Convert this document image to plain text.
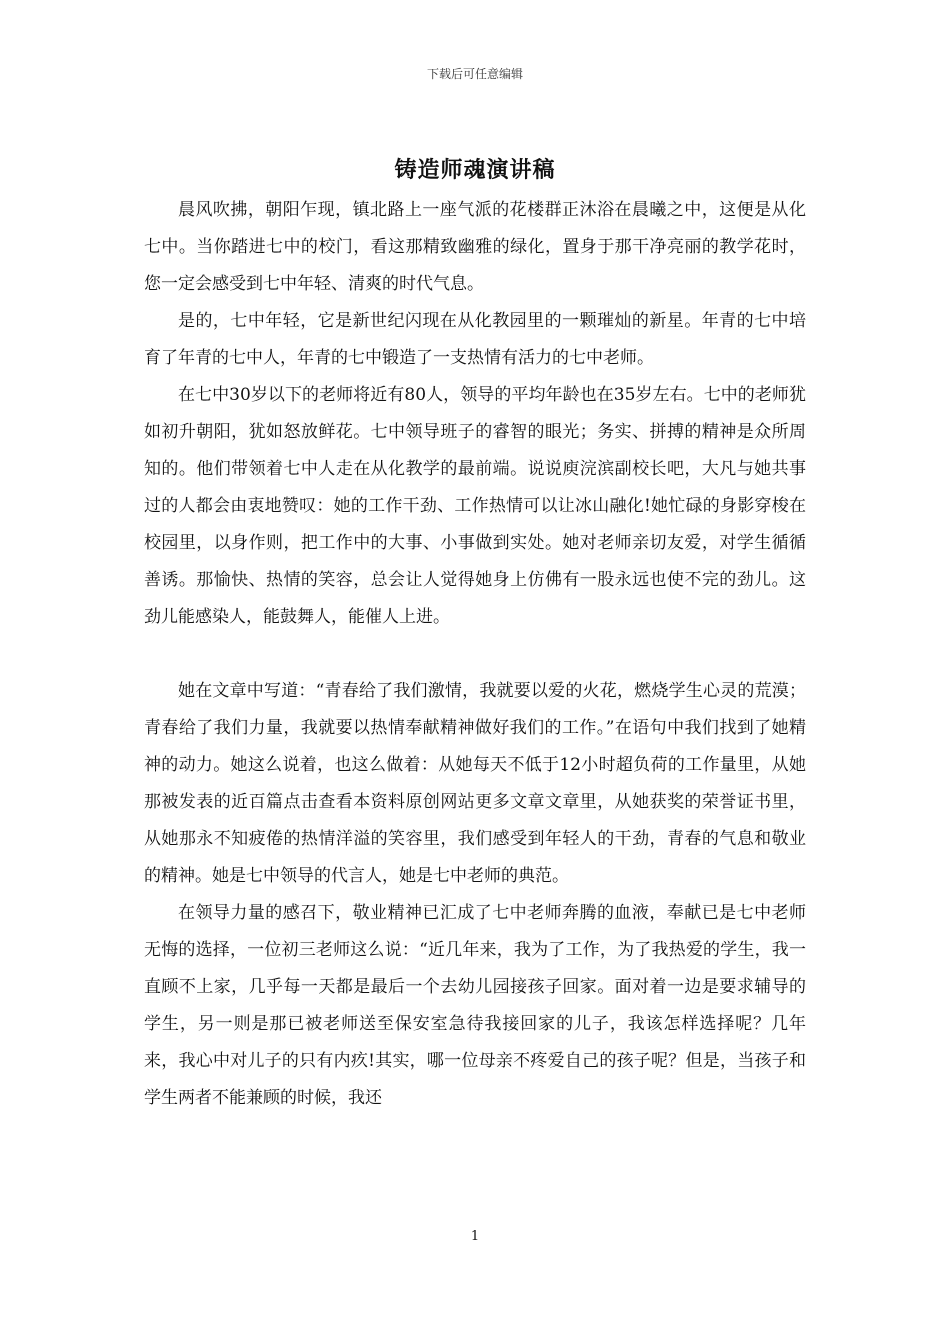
下载后可任意编辑
铸造师魂演讲稿

晨风吹拂，朝阳乍现，镇北路上一座气派的花楼群正沐浴在晨曦之中，这便是从化七中。当你踏进七中的校门，看这那精致幽雅的绿化，置身于那干净亮丽的教学花时，您一定会感受到七中年轻、清爽的时代气息。

是的，七中年轻，它是新世纪闪现在从化教园里的一颗璀灿的新星。年青的七中培育了年青的七中人，年青的七中锻造了一支热情有活力的七中老师。

在七中30岁以下的老师将近有80人，领导的平均年龄也在35岁左右。七中的老师犹如初升朝阳，犹如怒放鲜花。七中领导班子的睿智的眼光；务实、拼搏的精神是众所周知的。他们带领着七中人走在从化教学的最前端。说说庾浣滨副校长吧，大凡与她共事过的人都会由衷地赞叹：她的工作干劲、工作热情可以让冰山融化!她忙碌的身影穿梭在校园里，以身作则，把工作中的大事、小事做到实处。她对老师亲切友爱，对学生循循善诱。那愉快、热情的笑容，总会让人觉得她身上仿佛有一股永远也使不完的劲儿。这劲儿能感染人，能鼓舞人，能催人上进。

她在文章中写道：“青春给了我们激情，我就要以爱的火花，燃烧学生心灵的荒漠；青春给了我们力量，我就要以热情奉献精神做好我们的工作。”在语句中我们找到了她精神的动力。她这么说着，也这么做着：从她每天不低于12小时超负荷的工作量里，从她那被发表的近百篇点击查看本资料原创网站更多文章文章里，从她获奖的荣誉证书里，从她那永不知疲倦的热情洋溢的笑容里，我们感受到年轻人的干劲，青春的气息和敬业的精神。她是七中领导的代言人，她是七中老师的典范。

在领导力量的感召下，敬业精神已汇成了七中老师奔腾的血液，奉献已是七中老师无悔的选择，一位初三老师这么说：“近几年来，我为了工作，为了我热爱的学生，我一直顾不上家，几乎每一天都是最后一个去幼儿园接孩子回家。面对着一边是要求辅导的学生，另一则是那已被老师送至保安室急待我接回家的儿子，我该怎样选择呢？几年来，我心中对儿子的只有内疚!其实，哪一位母亲不疼爱自己的孩子呢？但是，当孩子和学生两者不能兼顾的时候，我还

1
